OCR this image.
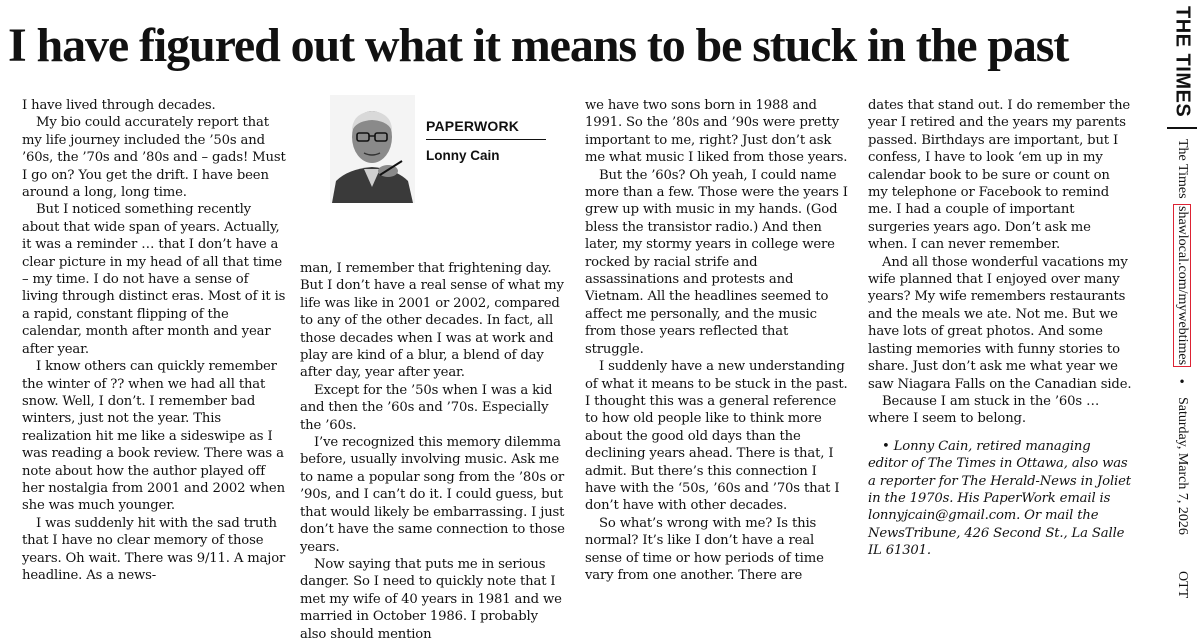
I have figured out what it means to be stuck in the past
PAPERWORK
Lonny Cain

I have lived through decades.

My bio could accurately report that my life journey included the ’50s and ’60s, the ’70s and ’80s and – gads! Must I go on? You get the drift. I have been around a long, long time.

But I noticed something recently about that wide span of years. Actually, it was a reminder … that I don’t have a clear picture in my head of all that time – my time. I do not have a sense of living through distinct eras. Most of it is a rapid, constant flipping of the calendar, month after month and year after year.

I know others can quickly remember the winter of ?? when we had all that snow. Well, I don’t. I remember bad winters, just not the year. This realization hit me like a sideswipe as I was reading a book review. There was a note about how the author played off her nostalgia from 2001 and 2002 when she was much younger.

I was suddenly hit with the sad truth that I have no clear memory of those years. Oh wait. There was 9/11. A major headline. As a news-

man, I remember that frightening day. But I don’t have a real sense of what my life was like in 2001 or 2002, compared to any of the other decades. In fact, all those decades when I was at work and play are kind of a blur, a blend of day after day, year after year.

Except for the ’50s when I was a kid and then the ’60s and ’70s. Especially the ’60s.

I’ve recognized this memory dilemma before, usually involving music. Ask me to name a popular song from the ’80s or ’90s, and I can’t do it. I could guess, but that would likely be embarrassing. I just don’t have the same connection to those years.

Now saying that puts me in serious danger. So I need to quickly note that I met my wife of 40 years in 1981 and we married in October 1986. I probably also should mention

we have two sons born in 1988 and 1991. So the ’80s and ’90s were pretty important to me, right? Just don’t ask me what music I liked from those years.

But the ’60s? Oh yeah, I could name more than a few. Those were the years I grew up with music in my hands. (God bless the transistor radio.) And then later, my stormy years in college were rocked by racial strife and assassinations and protests and Vietnam. All the headlines seemed to affect me personally, and the music from those years reflected that struggle.

I suddenly have a new understanding of what it means to be stuck in the past. I thought this was a general reference to how old people like to think more about the good old days than the declining years ahead. There is that, I admit. But there’s this connection I have with the ‘50s, ’60s and ’70s that I don’t have with other decades.

So what’s wrong with me? Is this normal? It’s like I don’t have a real sense of time or how periods of time vary from one another. There are

dates that stand out. I do remember the year I retired and the years my parents passed. Birthdays are important, but I confess, I have to look ‘em up in my calendar book to be sure or count on my telephone or Facebook to remind me. I had a couple of important surgeries years ago. Don’t ask me when. I can never remember.

And all those wonderful vacations my wife planned that I enjoyed over many years? My wife remembers restaurants and the meals we ate. Not me. But we have lots of great photos. And some lasting memories with funny stories to share. Just don’t ask me what year we saw Niagara Falls on the Canadian side.

Because I am stuck in the ’60s … where I seem to belong.

• Lonny Cain, retired managing editor of The Times in Ottawa, also was a reporter for The Herald-News in Joliet in the 1970s. His PaperWork email is lonnyjcain@gmail.com. Or mail the NewsTribune, 426 Second St., La Salle IL 61301.

THE TIMES
The Times
shawlocal.com/mywebtimes
•
Saturday, March 7, 2026
OTT
